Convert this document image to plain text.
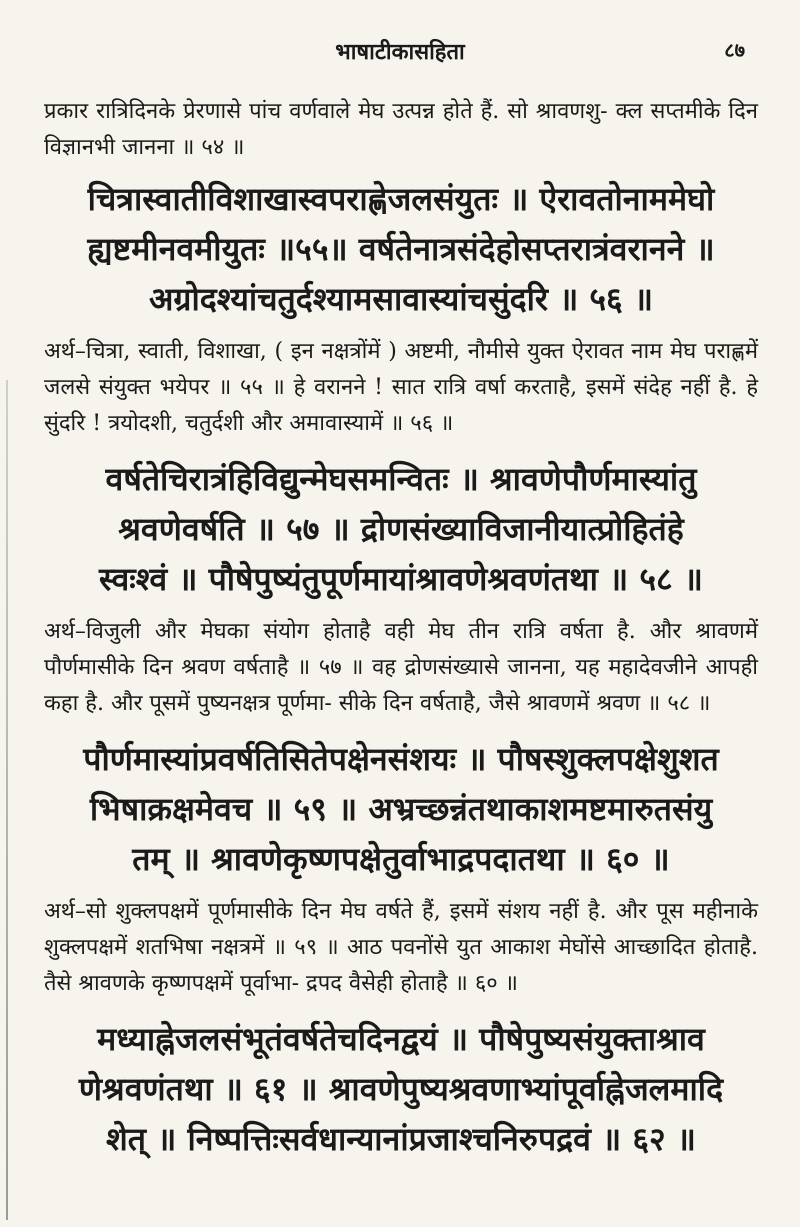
भाषाटीकासहिता	८७

प्रकार रात्रिदिनके प्रेरणासे पांच वर्णवाले मेघ उत्पन्न होते हैं. सो श्रावणशु- क्ल सप्तमीके दिन विज्ञानभी जानना ॥ ५४ ॥

चित्रास्वातीविशाखास्वपराह्णेजलसंयुतः ॥ ऐरावतोनाममेघो
ह्यष्टमीनवमीयुतः ॥५५॥ वर्षतेनात्रसंदेहोसप्तरात्रंवरानने ॥
अग्रोदश्यांचतुर्दश्यामसावास्यांचसुंदरि ॥ ५६ ॥

अर्थ–चित्रा, स्वाती, विशाखा, ( इन नक्षत्रोंमें ) अष्टमी, नौमीसे युक्त ऐरावत नाम मेघ पराह्णमें जलसे संयुक्त भयेपर ॥ ५५ ॥ हे वरानने ! सात रात्रि वर्षा करताहै, इसमें संदेह नहीं है. हे सुंदरि ! त्रयोदशी, चतुर्दशी और अमावास्यामें ॥ ५६ ॥

वर्षतेचिरात्रंहिविद्युन्मेघसमन्वितः ॥ श्रावणेपौर्णमास्यांतु
श्रवणेवर्षति ॥ ५७ ॥ द्रोणसंख्याविजानीयात्प्रोहितंहे
स्वःश्वं ॥ पौषेपुष्यंतुपूर्णमायांश्रावणेश्रवणंतथा ॥ ५८ ॥

अर्थ–विजुली और मेघका संयोग होताहै वही मेघ तीन रात्रि वर्षता है. और श्रावणमें पौर्णमासीके दिन श्रवण वर्षताहै ॥ ५७ ॥ वह द्रोणसंख्यासे जानना, यह महादेवजीने आपही कहा है. और पूसमें पुष्यनक्षत्र पूर्णमा- सीके दिन वर्षताहै, जैसे श्रावणमें श्रवण ॥ ५८ ॥

पौर्णमास्यांप्रवर्षतिसितेपक्षेनसंशयः ॥ पौषस्शुक्लपक्षेशुशत
भिषाक्रक्षमेवच ॥ ५९ ॥ अभ्रच्छन्नंतथाकाशमष्टमारुतसंयु
तम् ॥ श्रावणेकृष्णपक्षेतुर्वाभाद्रपदातथा ॥ ६० ॥

अर्थ–सो शुक्लपक्षमें पूर्णमासीके दिन मेघ वर्षते हैं, इसमें संशय नहीं है. और पूस महीनाके शुक्लपक्षमें शतभिषा नक्षत्रमें ॥ ५९ ॥ आठ पवनोंसे युत आकाश मेघोंसे आच्छादित होताहै. तैसे श्रावणके कृष्णपक्षमें पूर्वाभा- द्रपद वैसेही होताहै ॥ ६० ॥

मध्याह्नेजलसंभूतंवर्षतेचदिनद्वयं ॥ पौषेपुष्यसंयुक्ताश्राव
णेश्रवणंतथा ॥ ६१ ॥ श्रावणेपुष्यश्रवणाभ्यांपूर्वाह्नेजलमादि
शेत् ॥ निष्पत्तिःसर्वधान्यानांप्रजाश्चनिरुपद्रवं ॥ ६२ ॥
